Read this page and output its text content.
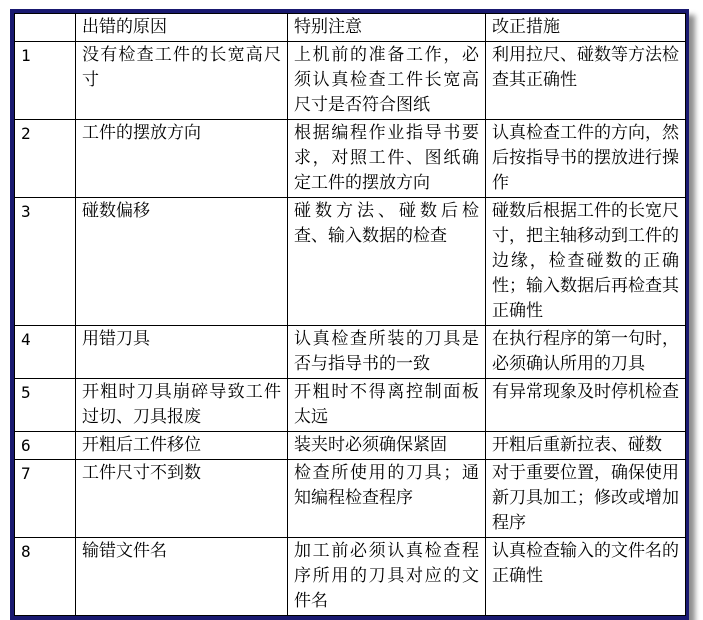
	出错的原因	特别注意	改正措施
1	没有检查工件的长宽高尺寸	上机前的准备工作，必须认真检查工件长宽高尺寸是否符合图纸	利用拉尺、碰数等方法检查其正确性
2	工件的摆放方向	根据编程作业指导书要求，对照工件、图纸确定工件的摆放方向	认真检查工件的方向，然后按指导书的摆放进行操作
3	碰数偏移	碰数方法、碰数后检查、输入数据的检查	碰数后根据工件的长宽尺寸，把主轴移动到工件的边缘，检查碰数的正确性；输入数据后再检查其正确性
4	用错刀具	认真检查所装的刀具是否与指导书的一致	在执行程序的第一句时，必须确认所用的刀具
5	开粗时刀具崩碎导致工件过切、刀具报废	开粗时不得离控制面板太远	有异常现象及时停机检查
6	开粗后工件移位	装夹时必须确保紧固	开粗后重新拉表、碰数
7	工件尺寸不到数	检查所使用的刀具；通知编程检查程序	对于重要位置，确保使用新刀具加工；修改或增加程序
8	输错文件名	加工前必须认真检查程序所用的刀具对应的文件名	认真检查输入的文件名的正确性
